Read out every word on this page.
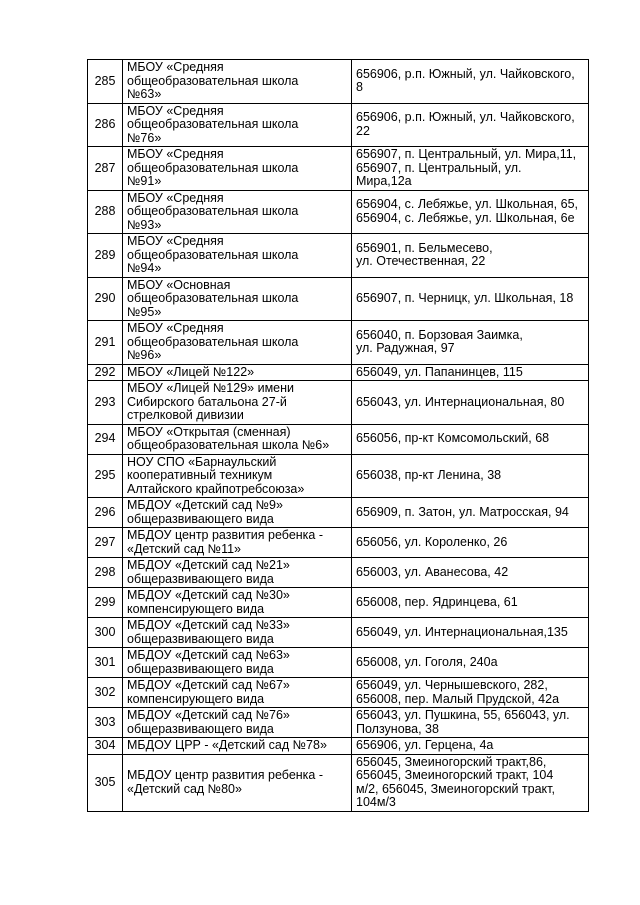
285	МБОУ «Средняя
общеобразовательная школа
№63»	656906, р.п. Южный, ул. Чайковского,
8

286	МБОУ «Средняя
общеобразовательная школа
№76»	656906, р.п. Южный, ул. Чайковского,
22

287	МБОУ «Средняя
общеобразовательная школа
№91»	656907, п. Центральный, ул. Мира,11,
656907, п. Центральный, ул.
Мира,12а

288	МБОУ «Средняя
общеобразовательная школа
№93»	656904, с. Лебяжье, ул. Школьная, 65,
656904, с. Лебяжье, ул. Школьная, 6е

289	МБОУ «Средняя
общеобразовательная школа
№94»	656901, п. Бельмесево,
ул. Отечественная, 22

290	МБОУ «Основная
общеобразовательная школа
№95»	656907, п. Черницк, ул. Школьная, 18

291	МБОУ «Средняя
общеобразовательная школа
№96»	656040, п. Борзовая Заимка,
ул. Радужная, 97

292	МБОУ «Лицей №122»	656049, ул. Папанинцев, 115

293	МБОУ «Лицей №129» имени
Сибирского батальона 27-й
стрелковой дивизии	656043, ул. Интернациональная, 80

294	МБОУ «Открытая (сменная)
общеобразовательная школа №6»	656056, пр-кт Комсомольский, 68

295	НОУ СПО «Барнаульский
кооперативный техникум
Алтайского крайпотребсоюза»	656038, пр-кт Ленина, 38

296	МБДОУ «Детский сад №9»
общеразвивающего вида	656909, п. Затон, ул. Матросская, 94

297	МБДОУ центр развития ребенка -
«Детский сад №11»	656056, ул. Короленко, 26

298	МБДОУ «Детский сад №21»
общеразвивающего вида	656003, ул. Аванесова, 42

299	МБДОУ «Детский сад №30»
компенсирующего вида	656008, пер. Ядринцева, 61

300	МБДОУ «Детский сад №33»
общеразвивающего вида	656049, ул. Интернациональная,135

301	МБДОУ «Детский сад №63»
общеразвивающего вида	656008, ул. Гоголя, 240а

302	МБДОУ «Детский сад №67»
компенсирующего вида	656049, ул. Чернышевского, 282,
656008, пер. Малый Прудской, 42а

303	МБДОУ «Детский сад №76»
общеразвивающего вида	656043, ул. Пушкина, 55, 656043, ул.
Ползунова, 38

304	МБДОУ ЦРР - «Детский сад №78»	656906, ул. Герцена, 4а

305	МБДОУ центр развития ребенка -
«Детский сад №80»	656045, Змеиногорский тракт,86,
656045, Змеиногорский тракт, 104
м/2, 656045, Змеиногорский тракт,
104м/3
